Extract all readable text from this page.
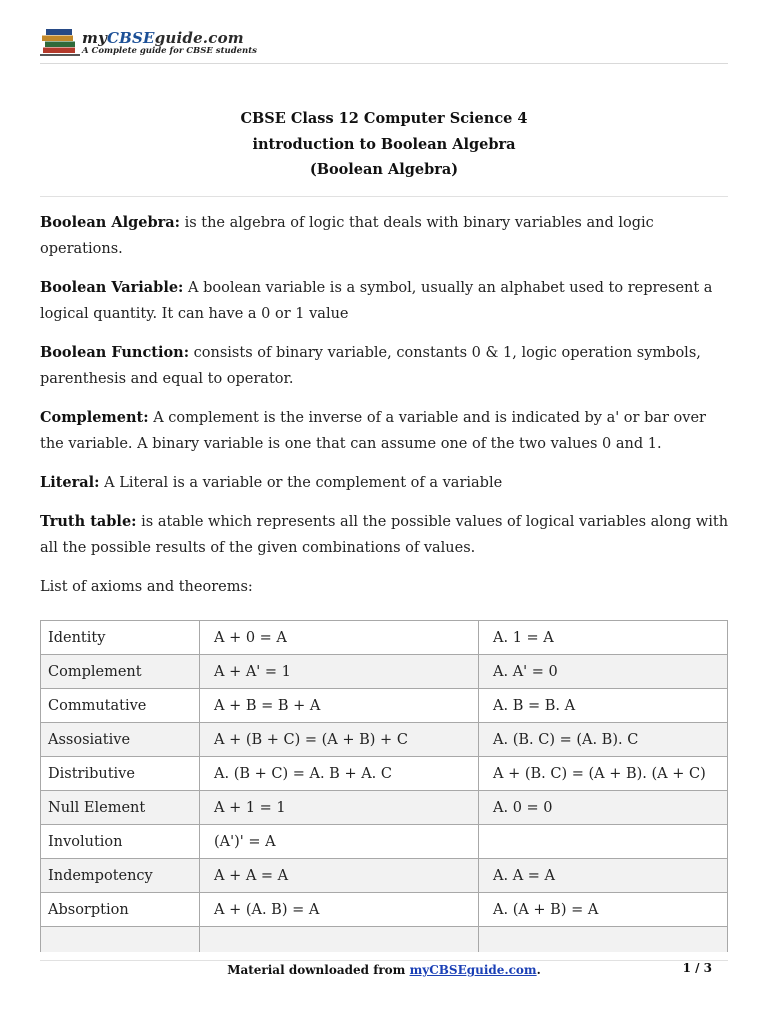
myCBSEguide.com
A Complete guide for CBSE students
CBSE Class 12 Computer Science 4
introduction to Boolean Algebra
(Boolean Algebra)

Boolean Algebra: is the algebra of logic that deals with binary variables and logic operations.

Boolean Variable: A boolean variable is a symbol, usually an alphabet used to represent a logical quantity. It can have a 0 or 1 value

Boolean Function: consists of binary variable, constants 0 & 1, logic operation symbols, parenthesis and equal to operator.

Complement: A complement is the inverse of a variable and is indicated by a' or bar over the variable. A binary variable is one that can assume one of the two values 0 and 1.

Literal: A Literal is a variable or the complement of a variable

Truth table: is atable which represents all the possible values of logical variables along with all the possible results of the given combinations of values.

List of axioms and theorems:

Identity	A + 0 = A	A. 1 = A
Complement	A + A' = 1	A. A' = 0
Commutative	A + B = B + A	A. B = B. A
Assosiative	A + (B + C) = (A + B) + C	A. (B. C) = (A. B). C
Distributive	A. (B + C) = A. B + A. C	A + (B. C) = (A + B). (A + C)
Null Element	A + 1 = 1	A. 0 = 0
Involution	(A')' = A	
Indempotency	A + A = A	A. A = A
Absorption	A + (A. B) = A	A. (A + B) = A

Material downloaded from myCBSEguide.com.	1 / 3
